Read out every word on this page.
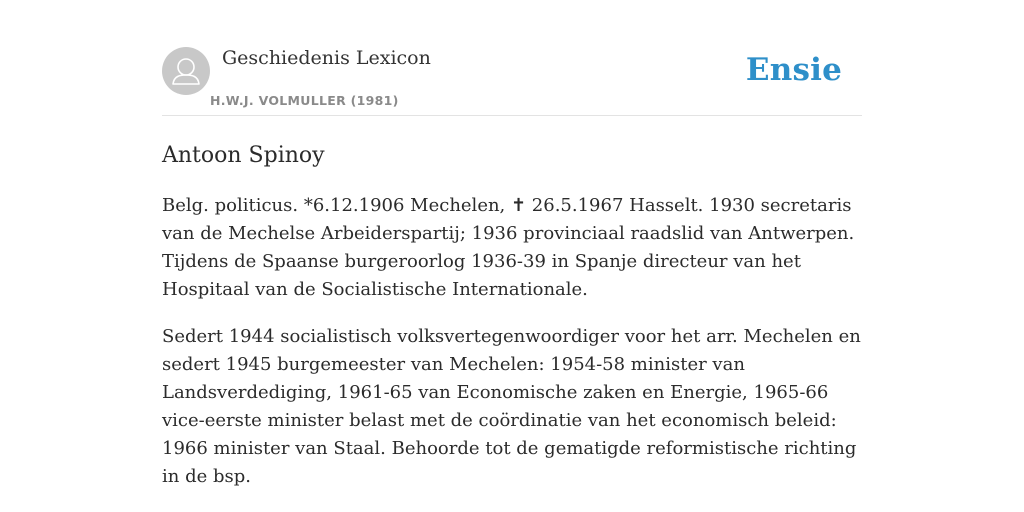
Geschiedenis Lexicon
H.W.J. VOLMULLER (1981)
Ensie
Antoon Spinoy

Belg. politicus. *6.12.1906 Mechelen, ✝ 26.5.1967 Hasselt. 1930 secretaris van de Mechelse Arbeiderspartij; 1936 provinciaal raadslid van Antwerpen. Tijdens de Spaanse burgeroorlog 1936-39 in Spanje directeur van het Hospitaal van de Socialistische Internationale.

Sedert 1944 socialistisch volksvertegenwoordiger voor het arr. Mechelen en sedert 1945 burgemeester van Mechelen: 1954-58 minister van Landsverdediging, 1961-65 van Economische zaken en Energie, 1965-66 vice-eerste minister belast met de coördinatie van het economisch beleid: 1966 minister van Staal. Behoorde tot de gematigde reformistische richting in de bsp.
